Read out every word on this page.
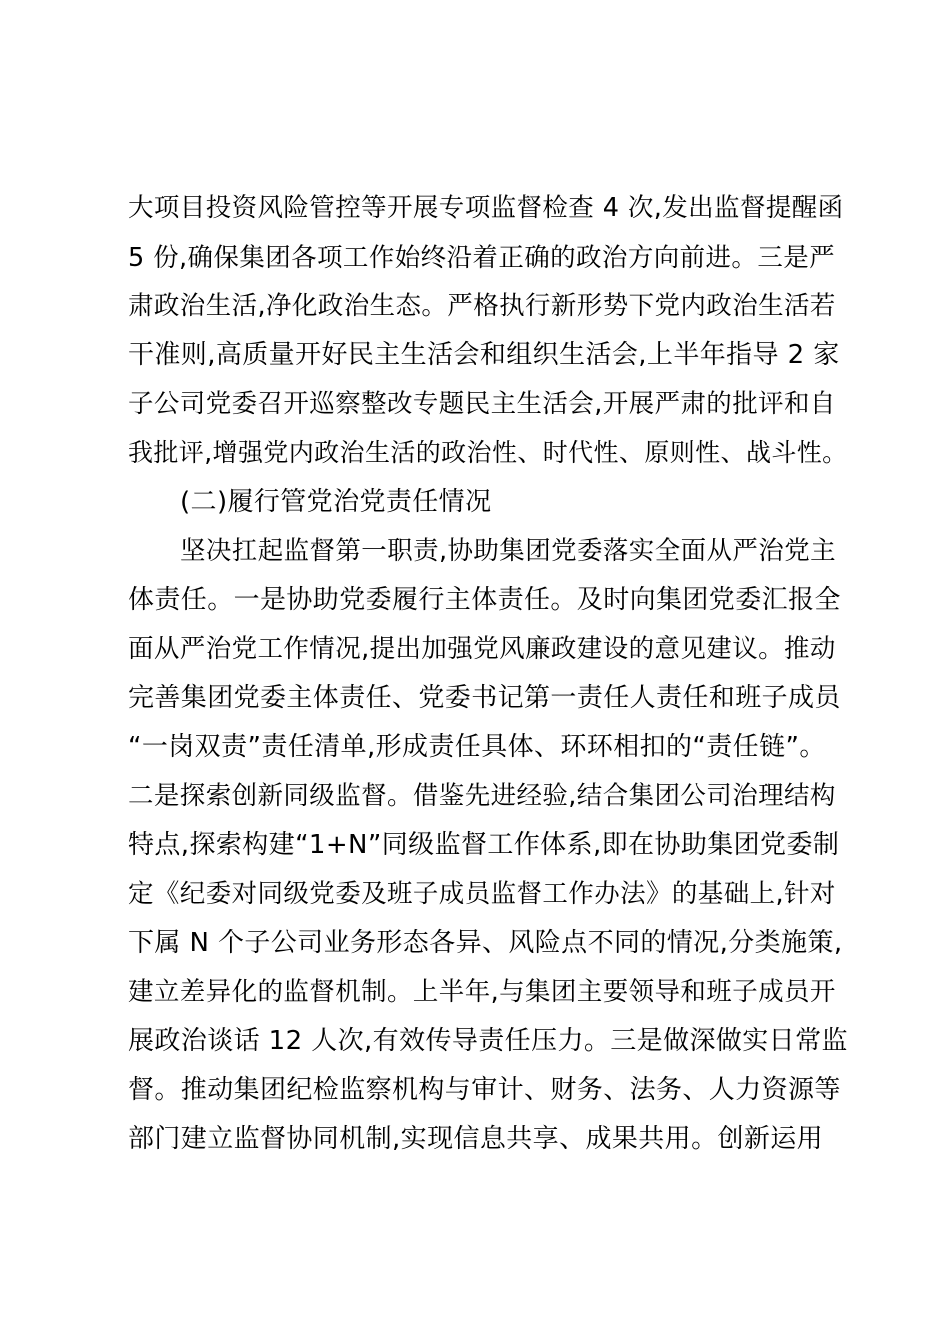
大项目投资风险管控等开展专项监督检查 4 次,发出监督提醒函
5 份,确保集团各项工作始终沿着正确的政治方向前进。三是严
肃政治生活,净化政治生态。严格执行新形势下党内政治生活若
干准则,高质量开好民主生活会和组织生活会,上半年指导 2 家
子公司党委召开巡察整改专题民主生活会,开展严肃的批评和自
我批评,增强党内政治生活的政治性、时代性、原则性、战斗性。
(二)履行管党治党责任情况
坚决扛起监督第一职责,协助集团党委落实全面从严治党主
体责任。一是协助党委履行主体责任。及时向集团党委汇报全
面从严治党工作情况,提出加强党风廉政建设的意见建议。推动
完善集团党委主体责任、党委书记第一责任人责任和班子成员
“一岗双责”责任清单,形成责任具体、环环相扣的“责任链”。
二是探索创新同级监督。借鉴先进经验,结合集团公司治理结构
特点,探索构建“1+N”同级监督工作体系,即在协助集团党委制
定《纪委对同级党委及班子成员监督工作办法》的基础上,针对
下属 N 个子公司业务形态各异、风险点不同的情况,分类施策,
建立差异化的监督机制。上半年,与集团主要领导和班子成员开
展政治谈话 12 人次,有效传导责任压力。三是做深做实日常监
督。推动集团纪检监察机构与审计、财务、法务、人力资源等
部门建立监督协同机制,实现信息共享、成果共用。创新运用
